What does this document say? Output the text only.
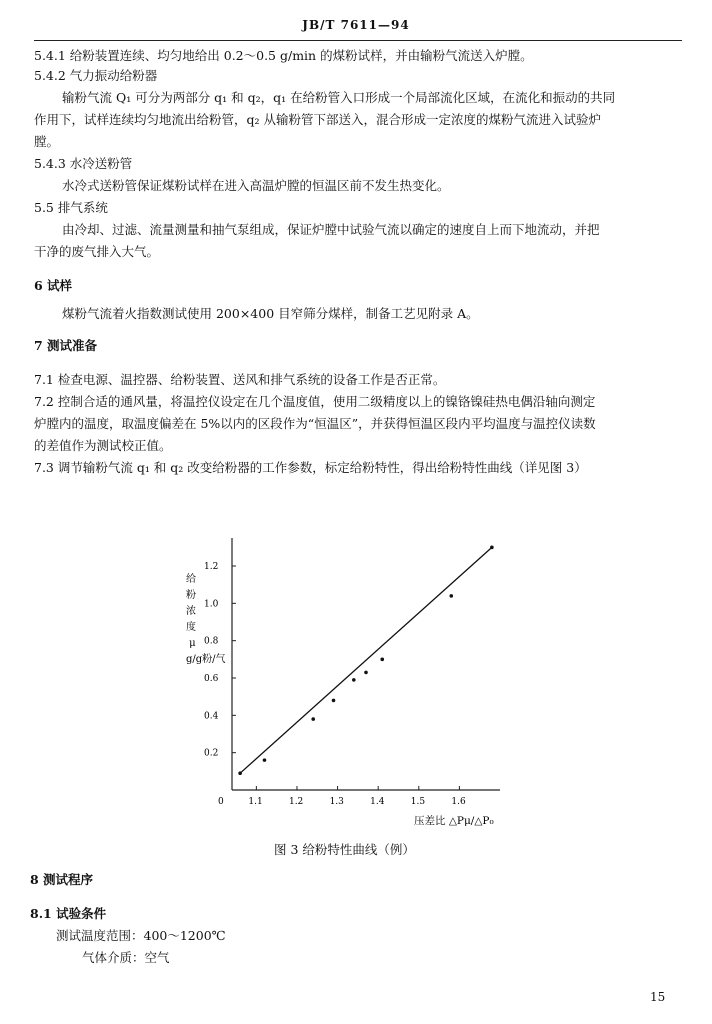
JB/T 7611—94
5.4.1 给粉装置连续、均匀地给出 0.2～0.5 g/min 的煤粉试样，并由输粉气流送入炉膛。
5.4.2 气力振动给粉器
输粉气流 Q₁ 可分为两部分 q₁ 和 q₂，q₁ 在给粉管入口形成一个局部流化区域，在流化和振动的共同
作用下，试样连续均匀地流出给粉管，q₂ 从输粉管下部送入，混合形成一定浓度的煤粉气流进入试验炉
膛。
5.4.3 水冷送粉管
水冷式送粉管保证煤粉试样在进入高温炉膛的恒温区前不发生热变化。
5.5 排气系统
由冷却、过滤、流量测量和抽气泵组成，保证炉膛中试验气流以确定的速度自上而下地流动，并把
干净的废气排入大气。
6 试样
煤粉气流着火指数测试使用 200×400 目窄筛分煤样，制备工艺见附录 A。
7 测试准备
7.1 检查电源、温控器、给粉装置、送风和排气系统的设备工作是否正常。
7.2 控制合适的通风量，将温控仪设定在几个温度值，使用二级精度以上的镍铬镍硅热电偶沿轴向测定
炉膛内的温度，取温度偏差在 5%以内的区段作为“恒温区”，并获得恒温区段内平均温度与温控仪读数
的差值作为测试校正值。
7.3 调节输粉气流 q₁ 和 q₂ 改变给粉器的工作参数，标定给粉特性，得出给粉特性曲线（详见图 3）
图 3 给粉特性曲线（例）
8 测试程序
8.1 试验条件
测试温度范围：400～1200℃
气体介质：空气
0	1.1	1.2	1.3	1.4	1.5	1.6
0.2
0.4
0.6
0.8
1.0
1.2
压差比 △Pμ/△P₀
给粉浓度 μ g/g粉/气
15
